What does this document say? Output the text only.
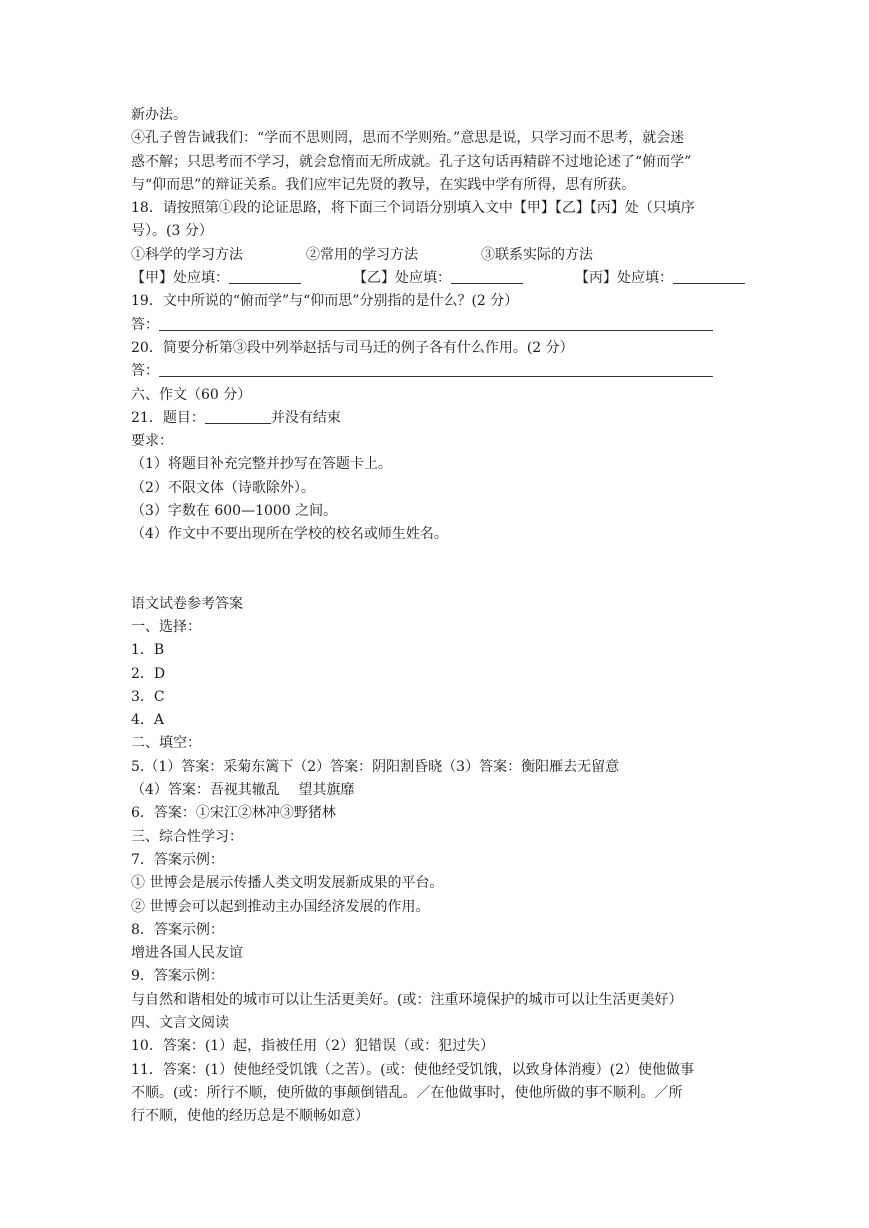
新办法。
④孔子曾告诫我们：“学而不思则罔，思而不学则殆。”意思是说，只学习而不思考，就会迷
惑不解；只思考而不学习，就会怠惰而无所成就。孔子这句话再精辟不过地论述了“俯而学”
与“仰而思”的辩证关系。我们应牢记先贤的教导，在实践中学有所得，思有所获。
18．请按照第①段的论证思路，将下面三个词语分别填入文中【甲】【乙】【丙】处（只填序
号）。(3 分）
①科学的学习方法	②常用的学习方法	③联系实际的方法
【甲】处应填：	【乙】处应填：	【丙】处应填：
19．文中所说的“俯而学”与“仰而思”分别指的是什么？(2 分）
答：
20．简要分析第③段中列举赵括与司马迁的例子各有什么作用。(2 分）
答：
六、作文（60 分）
21．题目：	并没有结束
要求：
（1）将题目补充完整并抄写在答题卡上。
（2）不限文体（诗歌除外）。
（3）字数在 600—1000 之间。
（4）作文中不要出现所在学校的校名或师生姓名。
语文试卷参考答案
一、选择：
1．B
2．D
3．C
4．A
二、填空：
5.（1）答案：采菊东篱下（2）答案：阴阳割昏晓（3）答案：衡阳雁去无留意
（4）答案：吾视其辙乱　 望其旗靡
6．答案：①宋江②林冲③野猪林
三、综合性学习：
7．答案示例：
① 世博会是展示传播人类文明发展新成果的平台。
② 世博会可以起到推动主办国经济发展的作用。
8．答案示例：
增进各国人民友谊
9．答案示例：
与自然和谐相处的城市可以让生活更美好。(或：注重环境保护的城市可以让生活更美好）
四、文言文阅读
10．答案：(1）起，指被任用（2）犯错误（或：犯过失）
11．答案：(1）使他经受饥饿（之苦）。(或：使他经受饥饿，以致身体消瘦）(2）使他做事
不顺。(或：所行不顺，使所做的事颠倒错乱。／在他做事时，使他所做的事不顺利。／所
行不顺，使他的经历总是不顺畅如意）
